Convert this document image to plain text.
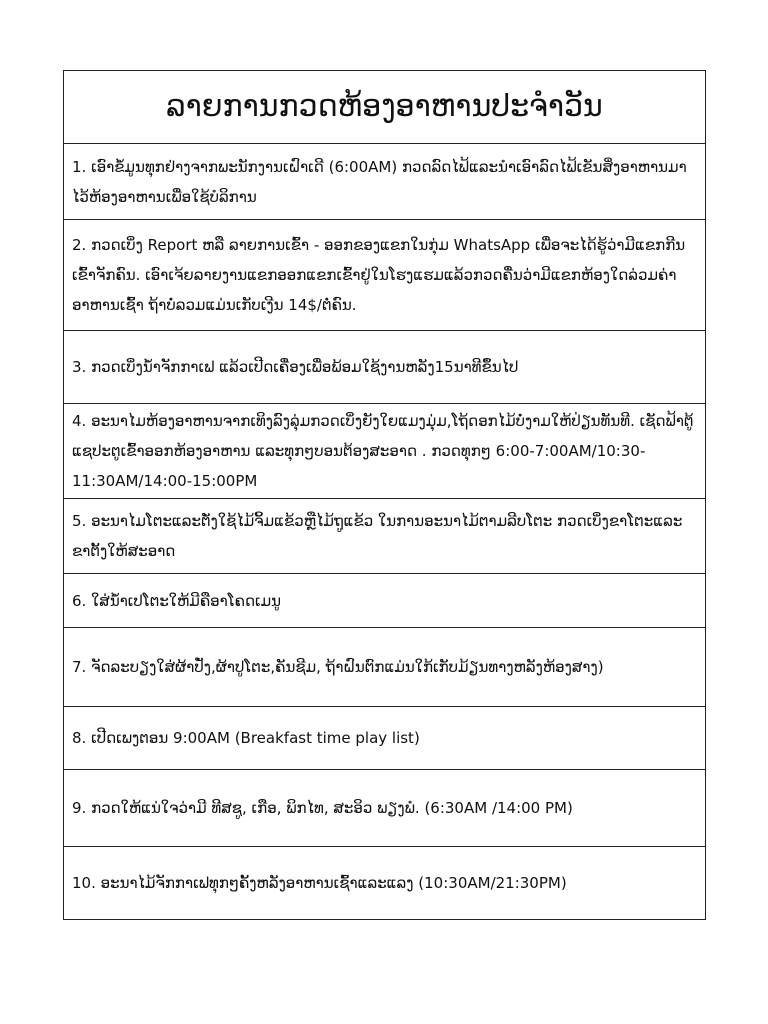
ລາຍການກວດຫ້ອງອາຫານປະຈຳວັນ
1. ເອົາຂໍ້ມູນທຸກຢ່າງຈາກພະນັກງານເຝົາເດີ (6:00AM) ກວດລົດໄຟ້ແລະນຳເອົາລົດໄຟ້ເຂັນສິ່ງອາຫານມາໄວ້ຫ້ອງອາຫານເພື່ອໃຊ້ບໍລິການ
2. ກວດເບິ່ງ Report ຫລື ລາຍການເຂົ້າ - ອອກຂອງແຂກໃນກຸ່ມ WhatsApp ເພື່ອຈະໄດ້ຮູ້ວ່າມີແຂກກີນເຂົ້າຈັກຄົນ. ເອົາເຈ້ຍລາຍງານແຂກອອກແຂກເຂົ້າຢູ່ໃນໂຮງແຮມແລ້ວກວດຄື່ນວ່າມີແຂກຫ້ອງໃດລ່ວມຄ່າອາຫານເຊົ້າ ຖ້າບໍ່ລວມແມ່ນເກັບເງີນ 14$/ຕໍ່ຄົນ.
3. ກວດເບິ່ງນ້ຳຈັກກາເຟ ແລ້ວເປີດເຄື່ອງເພື່ອພ້ອມໃຊ້ງານຫລັງ15ນາທີຂຶ້ນໄປ
4. ອະນາໄມຫ້ອງອາຫານຈາກເທິງລົງລຸ່ມກວດເບິ່ງຍັງໃຍແມງມຸ່ມ,ໂຖ້ດອກໄມ້ບໍ່ງາມໃຫ້ປ່ຽນທັນທີ. ເຊັດຟ້າຕູ້ແຊປະຕູເຂົ້າອອກຫ້ອງອາຫານ ແລະທຸກໆບອນຕ້ອງສະອາດ . ກວດທຸກໆ 6:00-7:00AM/10:30-11:30AM/14:00-15:00PM
5. ອະນາໄມໂຕະແລະຕັ່ງໃຊ້ໄມ້ຈິ້ມແຂ້ວຫຼືໄມ້ຖູແຂ້ວ ໃນການອະນາໄມ້ຕາມລີບໂຕະ ກວດເບິ່ງຂາໂຕະແລະຂາຕັ້ງໃຫ້ສະອາດ
6. ໃສ່ນ້ຳເປໂຕະໃຫ້ມີຄືອາໂຄດເມນູ
7. ຈັດລະບຽງໃສ່ຜ້າປັ່ງ,ຜ້າປູໂຕະ,ຄັນຊີມ, ຖ້າຝົນຕົກແມ່ນໃກ້ເກັບມ້ຽນທາງຫລັງຫ້ອງສາງ)
8. ເປີດເພງຕອນ 9:00AM (Breakfast time play list)
9. ກວດໃຫ້ແນ່ໃຈວ່າມີ ທີສຊູ, ເກືອ, ພິກໄທ, ສະອິວ ພຽງພໍ. (6:30AM /14:00 PM)
10. ອະນາໄມ້ຈັກກາເຟທຸກໆຄັ້ງຫລັງອາຫານເຊົ້າແລະແລງ (10:30AM/21:30PM)
